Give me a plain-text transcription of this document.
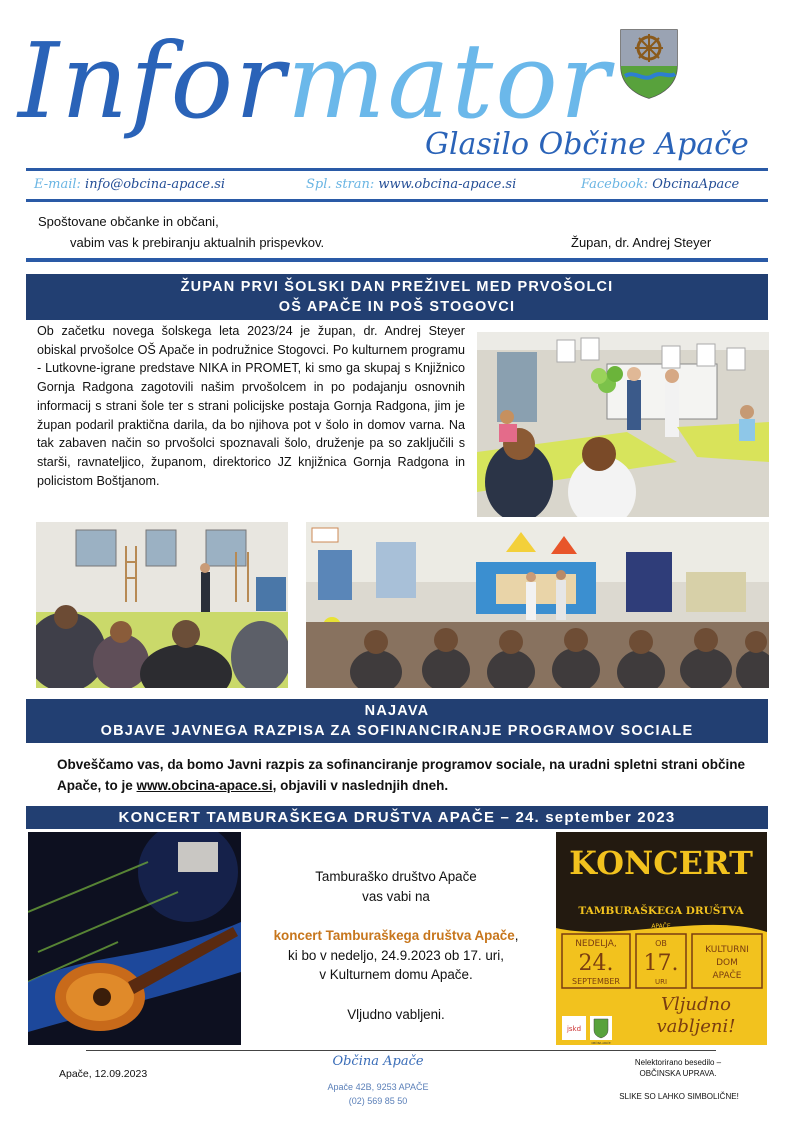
Informator
Glasilo Občine Apače
E-mail: info@obcina-apace.si	Spl. stran: www.obcina-apace.si	Facebook: ObcinaApace
Spoštovane občanke in občani,
vabim vas k prebiranju aktualnih prispevkov.	Župan, dr. Andrej Steyer
ŽUPAN PRVI ŠOLSKI DAN PREŽIVEL MED PRVOŠOLCI
OŠ APAČE IN POŠ STOGOVCI
Ob začetku novega šolskega leta 2023/24 je župan, dr. Andrej Steyer obiskal prvošolce OŠ Apače in podružnice Stogovci. Po kulturnem programu - Lutkovne-igrane predstave NIKA in PROMET, ki smo ga skupaj s Knjižnico Gornja Radgona zagotovili našim prvošolcem in po podajanju osnovnih informacij s strani šole ter s strani policijske postaja Gornja Radgona, jim je župan podaril praktična darila, da bo njihova pot v šolo in domov varna. Na tak zabaven način so prvošolci spoznavali šolo, druženje pa so zaključili s starši, ravnateljico, županom, direktorico JZ knjižnica Gornja Radgona in policistom Boštjanom.
NAJAVA
OBJAVE JAVNEGA RAZPISA ZA SOFINANCIRANJE PROGRAMOV SOCIALE
Obveščamo vas, da bomo Javni razpis za sofinanciranje programov sociale, na uradni spletni strani občine Apače, to je www.obcina-apace.si, objavili v naslednjih dneh.
KONCERT TAMBURAŠKEGA DRUŠTVA APAČE – 24. september 2023
Tamburaško društvo Apače
vas vabi na
koncert Tamburaškega društva Apače,
ki bo v nedeljo, 24.9.2023 ob 17. uri,
v Kulturnem domu Apače.
Vljudno vabljeni.
KONCERT
TAMBURAŠKEGA DRUŠTVA
APAČE
NEDELJA,
24.
SEPTEMBER
OB
17.
URI
KULTURNI
DOM
APAČE
Vljudno
vabljeni!
jskd
OBČINA APAČE
Apače, 12.09.2023
Občina Apače
Apače 42B, 9253 APAČE
(02) 569 85 50
Nelektorirano besedilo –
OBČINSKA UPRAVA.
SLIKE SO LAHKO SIMBOLIČNE!
